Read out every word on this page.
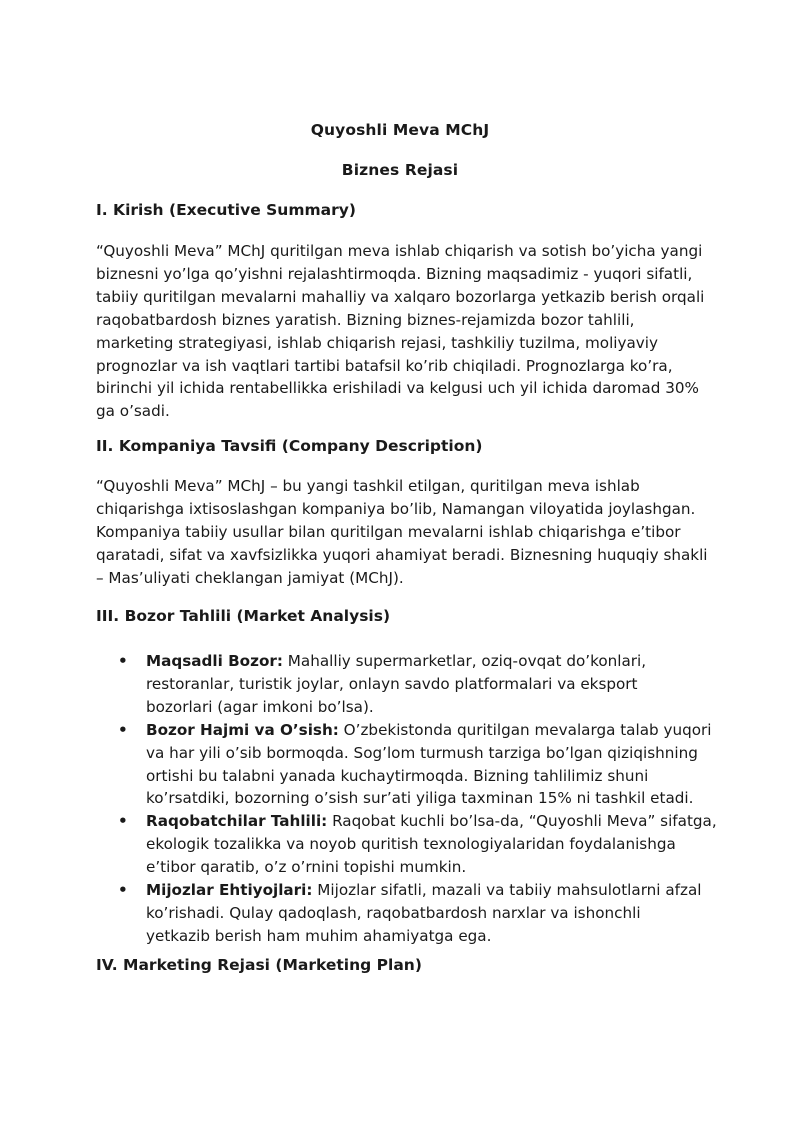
Quyoshli Meva MChJ
Biznes Rejasi
I. Kirish (Executive Summary)

“Quyoshli Meva” MChJ quritilgan meva ishlab chiqarish va sotish bo’yicha yangi
biznesni yo’lga qo’yishni rejalashtirmoqda. Bizning maqsadimiz - yuqori sifatli,
tabiiy quritilgan mevalarni mahalliy va xalqaro bozorlarga yetkazib berish orqali
raqobatbardosh biznes yaratish. Bizning biznes-rejamizda bozor tahlili,
marketing strategiyasi, ishlab chiqarish rejasi, tashkiliy tuzilma, moliyaviy
prognozlar va ish vaqtlari tartibi batafsil ko’rib chiqiladi. Prognozlarga ko’ra,
birinchi yil ichida rentabellikka erishiladi va kelgusi uch yil ichida daromad 30%
ga o’sadi.

II. Kompaniya Tavsifi (Company Description)

“Quyoshli Meva” MChJ – bu yangi tashkil etilgan, quritilgan meva ishlab
chiqarishga ixtisoslashgan kompaniya bo’lib, Namangan viloyatida joylashgan.
Kompaniya tabiiy usullar bilan quritilgan mevalarni ishlab chiqarishga e’tibor
qaratadi, sifat va xavfsizlikka yuqori ahamiyat beradi. Biznesning huquqiy shakli
– Mas’uliyati cheklangan jamiyat (MChJ).

III. Bozor Tahlili (Market Analysis)
• Maqsadli Bozor: Mahalliy supermarketlar, oziq-ovqat do’konlari,
restoranlar, turistik joylar, onlayn savdo platformalari va eksport
bozorlari (agar imkoni bo’lsa).
• Bozor Hajmi va O’sish: O’zbekistonda quritilgan mevalarga talab yuqori
va har yili o’sib bormoqda. Sog’lom turmush tarziga bo’lgan qiziqishning
ortishi bu talabni yanada kuchaytirmoqda. Bizning tahlilimiz shuni
ko’rsatdiki, bozorning o’sish sur’ati yiliga taxminan 15% ni tashkil etadi.
• Raqobatchilar Tahlili: Raqobat kuchli bo’lsa-da, “Quyoshli Meva” sifatga,
ekologik tozalikka va noyob quritish texnologiyalaridan foydalanishga
e’tibor qaratib, o’z o’rnini topishi mumkin.
• Mijozlar Ehtiyojlari: Mijozlar sifatli, mazali va tabiiy mahsulotlarni afzal
ko’rishadi. Qulay qadoqlash, raqobatbardosh narxlar va ishonchli
yetkazib berish ham muhim ahamiyatga ega.
IV. Marketing Rejasi (Marketing Plan)
